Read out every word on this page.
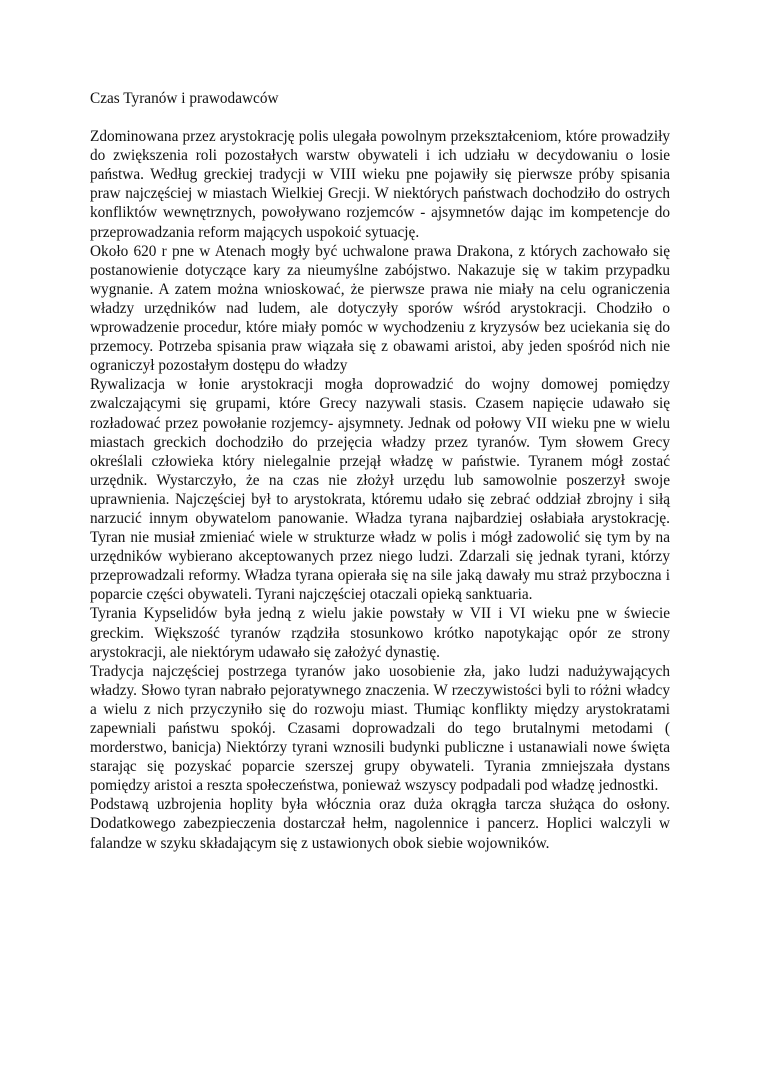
Czas Tyranów i prawodawców

Zdominowana przez arystokrację polis ulegała powolnym przekształceniom, które prowadziły do zwiększenia roli pozostałych warstw obywateli i ich udziału w decydowaniu o losie państwa. Według greckiej tradycji w VIII wieku pne pojawiły się pierwsze próby spisania praw najczęściej w miastach Wielkiej Grecji. W niektórych państwach dochodziło do ostrych konfliktów wewnętrznych, powoływano rozjemców - ajsymnetów dając im kompetencje do przeprowadzania reform mających uspokoić sytuację.

Około 620 r pne w Atenach mogły być uchwalone prawa Drakona, z których zachowało się postanowienie dotyczące kary za nieumyślne zabójstwo. Nakazuje się w takim przypadku wygnanie. A zatem można wnioskować, że pierwsze prawa nie miały na celu ograniczenia władzy urzędników nad ludem, ale dotyczyły sporów wśród arystokracji. Chodziło o wprowadzenie procedur, które miały pomóc w wychodzeniu z kryzysów bez uciekania się do przemocy. Potrzeba spisania praw wiązała się z obawami aristoi, aby jeden spośród nich nie ograniczył pozostałym dostępu do władzy

Rywalizacja w łonie arystokracji mogła doprowadzić do wojny domowej pomiędzy zwalczającymi się grupami, które Grecy nazywali stasis. Czasem napięcie udawało się rozładować przez powołanie rozjemcy- ajsymnety. Jednak od połowy VII wieku pne w wielu miastach greckich dochodziło do przejęcia władzy przez tyranów. Tym słowem Grecy określali człowieka który nielegalnie przejął władzę w państwie. Tyranem mógł zostać urzędnik. Wystarczyło, że na czas nie złożył urzędu lub samowolnie poszerzył swoje uprawnienia. Najczęściej był to arystokrata, któremu udało się zebrać oddział zbrojny i siłą narzucić innym obywatelom panowanie. Władza tyrana najbardziej osłabiała arystokrację. Tyran nie musiał zmieniać wiele w strukturze władz w polis i mógł zadowolić się tym by na urzędników wybierano akceptowanych przez niego ludzi. Zdarzali się jednak tyrani, którzy przeprowadzali reformy. Władza tyrana opierała się na sile jaką dawały mu straż przyboczna i poparcie części obywateli. Tyrani najczęściej otaczali opieką sanktuaria.

Tyrania Kypselidów była jedną z wielu jakie powstały w VII i VI wieku pne w świecie greckim. Większość tyranów rządziła stosunkowo krótko napotykając opór ze strony arystokracji, ale niektórym udawało się założyć dynastię.

Tradycja najczęściej postrzega tyranów jako uosobienie zła, jako ludzi nadużywających władzy. Słowo tyran nabrało pejoratywnego znaczenia. W rzeczywistości byli to różni władcy a wielu z nich przyczyniło się do rozwoju miast. Tłumiąc konflikty między arystokratami zapewniali państwu spokój. Czasami doprowadzali do tego brutalnymi metodami ( morderstwo, banicja) Niektórzy tyrani wznosili budynki publiczne i ustanawiali nowe święta starając się pozyskać poparcie szerszej grupy obywateli. Tyrania zmniejszała dystans pomiędzy aristoi a reszta społeczeństwa, ponieważ wszyscy podpadali pod władzę jednostki.

Podstawą uzbrojenia hoplity była włócznia oraz duża okrągła tarcza służąca do osłony. Dodatkowego zabezpieczenia dostarczał hełm, nagolennice i pancerz. Hoplici walczyli w falandze w szyku składającym się z ustawionych obok siebie wojowników.
